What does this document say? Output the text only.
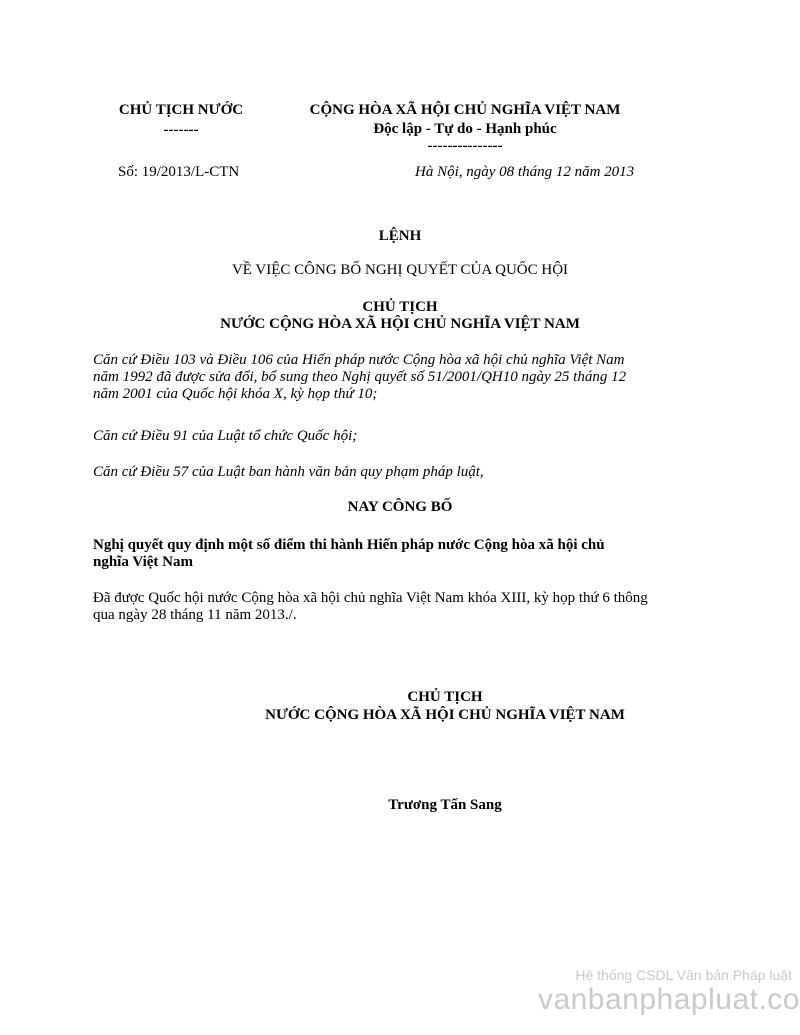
CHỦ TỊCH NƯỚC
-------
CỘNG HÒA XÃ HỘI CHỦ NGHĨA VIỆT NAM
Độc lập - Tự do - Hạnh phúc
---------------
Số: 19/2013/L-CTN	Hà Nội, ngày 08 tháng 12 năm 2013
LỆNH
VỀ VIỆC CÔNG BỐ NGHỊ QUYẾT CỦA QUỐC HỘI
CHỦ TỊCH
NƯỚC CỘNG HÒA XÃ HỘI CHỦ NGHĨA VIỆT NAM
Căn cứ Điều 103 và Điều 106 của Hiến pháp nước Cộng hòa xã hội chủ nghĩa Việt Nam năm 1992 đã được sửa đổi, bổ sung theo Nghị quyết số 51/2001/QH10 ngày 25 tháng 12 năm 2001 của Quốc hội khóa X, kỳ họp thứ 10;
Căn cứ Điều 91 của Luật tổ chức Quốc hội;
Căn cứ Điều 57 của Luật ban hành văn bản quy phạm pháp luật,
NAY CÔNG BỐ
Nghị quyết quy định một số điểm thi hành Hiến pháp nước Cộng hòa xã hội chủ nghĩa Việt Nam
Đã được Quốc hội nước Cộng hòa xã hội chủ nghĩa Việt Nam khóa XIII, kỳ họp thứ 6 thông qua ngày 28 tháng 11 năm 2013./.
CHỦ TỊCH
NƯỚC CỘNG HÒA XÃ HỘI CHỦ NGHĨA VIỆT NAM
Trương Tấn Sang
Hệ thống CSDL Văn bản Pháp luật
vanbanphapluat.co
